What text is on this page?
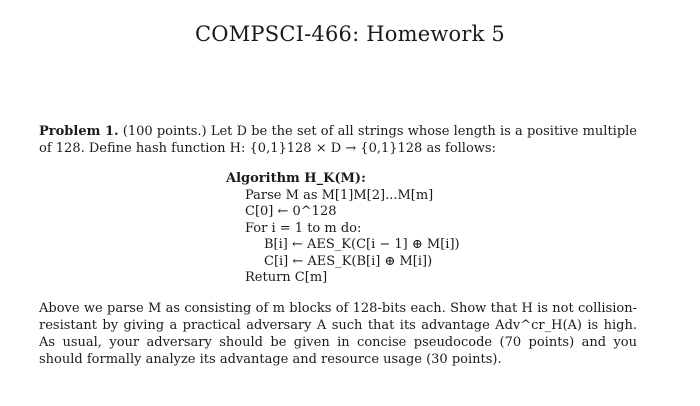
COMPSCI-466: Homework 5
Problem 1. (100 points.) Let D be the set of all strings whose length is a positive multiple of 128. Define hash function H: {0,1}128 × D → {0,1}128 as follows:
Algorithm H_K(M):
Parse M as M[1]M[2]...M[m]
C[0] ← 0^128
For i = 1 to m do:
B[i] ← AES_K(C[i − 1] ⊕ M[i])
C[i] ← AES_K(B[i] ⊕ M[i])
Return C[m]
Above we parse M as consisting of m blocks of 128-bits each. Show that H is not collision-resistant by giving a practical adversary A such that its advantage Adv^cr_H(A) is high. As usual, your adversary should be given in concise pseudocode (70 points) and you should formally analyze its advantage and resource usage (30 points).
